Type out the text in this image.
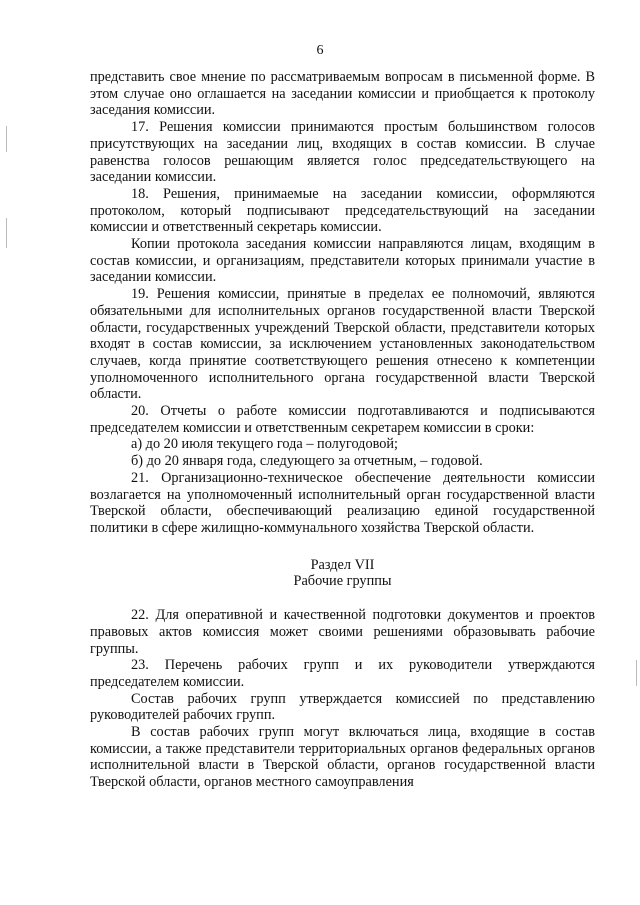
6

представить свое мнение по рассматриваемым вопросам в письменной форме. В этом случае оно оглашается на заседании комиссии и приобщается к протоколу заседания комиссии.

17. Решения комиссии принимаются простым большинством голосов присутствующих на заседании лиц, входящих в состав комиссии. В случае равенства голосов решающим является голос председательствующего на заседании комиссии.

18. Решения, принимаемые на заседании комиссии, оформляются протоколом, который подписывают председательствующий на заседании комиссии и ответственный секретарь комиссии.

Копии протокола заседания комиссии направляются лицам, входящим в состав комиссии, и организациям, представители которых принимали участие в заседании комиссии.

19. Решения комиссии, принятые в пределах ее полномочий, являются обязательными для исполнительных органов государственной власти Тверской области, государственных учреждений Тверской области, представители которых входят в состав комиссии, за исключением установленных законодательством случаев, когда принятие соответствующего решения отнесено к компетенции уполномоченного исполнительного органа государственной власти Тверской области.

20. Отчеты о работе комиссии подготавливаются и подписываются председателем комиссии и ответственным секретарем комиссии в сроки:

а) до 20 июля текущего года – полугодовой;

б) до 20 января года, следующего за отчетным, – годовой.

21. Организационно-техническое обеспечение деятельности комиссии возлагается на уполномоченный исполнительный орган государственной власти Тверской области, обеспечивающий реализацию единой государственной политики в сфере жилищно-коммунального хозяйства Тверской области.

Раздел VII
Рабочие группы

22. Для оперативной и качественной подготовки документов и проектов правовых актов комиссия может своими решениями образовывать рабочие группы.

23. Перечень рабочих групп и их руководители утверждаются председателем комиссии.

Состав рабочих групп утверждается комиссией по представлению руководителей рабочих групп.

В состав рабочих групп могут включаться лица, входящие в состав комиссии, а также представители территориальных органов федеральных органов исполнительной власти в Тверской области, органов государственной власти Тверской области, органов местного самоуправления
